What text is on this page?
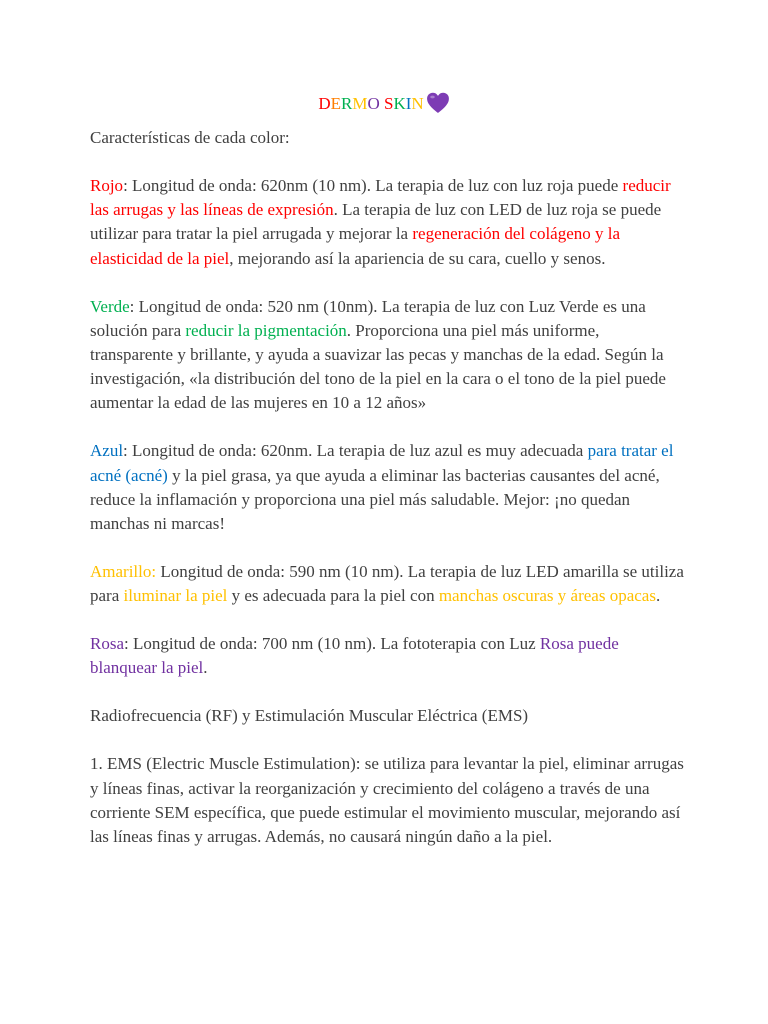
DERMO SKIN

Características de cada color:

Rojo: Longitud de onda: 620nm (10 nm). La terapia de luz con luz roja puede reducir las arrugas y las líneas de expresión. La terapia de luz con LED de luz roja se puede utilizar para tratar la piel arrugada y mejorar la regeneración del colágeno y la elasticidad de la piel, mejorando así la apariencia de su cara, cuello y senos.

Verde: Longitud de onda: 520 nm (10nm). La terapia de luz con Luz Verde es una solución para reducir la pigmentación. Proporciona una piel más uniforme, transparente y brillante, y ayuda a suavizar las pecas y manchas de la edad. Según la investigación, «la distribución del tono de la piel en la cara o el tono de la piel puede aumentar la edad de las mujeres en 10 a 12 años»

Azul: Longitud de onda: 620nm. La terapia de luz azul es muy adecuada para tratar el acné (acné) y la piel grasa, ya que ayuda a eliminar las bacterias causantes del acné, reduce la inflamación y proporciona una piel más saludable. Mejor: ¡no quedan manchas ni marcas!

Amarillo: Longitud de onda: 590 nm (10 nm). La terapia de luz LED amarilla se utiliza para iluminar la piel y es adecuada para la piel con manchas oscuras y áreas opacas.

Rosa: Longitud de onda: 700 nm (10 nm). La fototerapia con Luz Rosa puede blanquear la piel.

Radiofrecuencia (RF) y Estimulación Muscular Eléctrica (EMS)

1. EMS (Electric Muscle Estimulation): se utiliza para levantar la piel, eliminar arrugas y líneas finas, activar la reorganización y crecimiento del colágeno a través de una corriente SEM específica, que puede estimular el movimiento muscular, mejorando así las líneas finas y arrugas. Además, no causará ningún daño a la piel.
